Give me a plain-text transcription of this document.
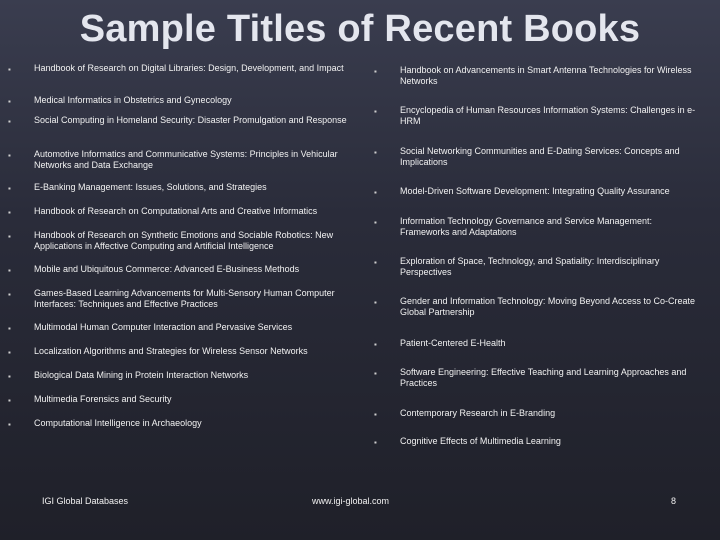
Sample Titles of Recent Books
▪	Handbook of Research on Digital Libraries: Design, Development, and Impact
▪	Medical Informatics in Obstetrics and Gynecology
▪	Social Computing in Homeland Security: Disaster Promulgation and Response
▪	Automotive Informatics and Communicative Systems: Principles in Vehicular Networks and Data Exchange
▪	E-Banking Management: Issues, Solutions, and Strategies
▪	Handbook of Research on Computational Arts and Creative Informatics
▪	Handbook of Research on Synthetic Emotions and Sociable Robotics: New Applications in Affective Computing and Artificial Intelligence
▪	Mobile and Ubiquitous Commerce: Advanced E-Business Methods
▪	Games-Based Learning Advancements for Multi-Sensory Human Computer Interfaces: Techniques and Effective Practices
▪	Multimodal Human Computer Interaction and Pervasive Services
▪	Localization Algorithms and Strategies for Wireless Sensor Networks
▪	Biological Data Mining in Protein Interaction Networks
▪	Multimedia Forensics and Security
▪	Computational Intelligence in Archaeology
▪	Handbook on Advancements in Smart Antenna Technologies for Wireless Networks
▪	Encyclopedia of Human Resources Information Systems: Challenges in e-HRM
▪	Social Networking Communities and E-Dating Services: Concepts and Implications
▪	Model-Driven Software Development: Integrating Quality Assurance
▪	Information Technology Governance and Service Management: Frameworks and Adaptations
▪	Exploration of Space, Technology, and Spatiality: Interdisciplinary Perspectives
▪	Gender and Information Technology: Moving Beyond Access to Co-Create Global Partnership
▪	Patient-Centered E-Health
▪	Software Engineering: Effective Teaching and Learning Approaches and Practices
▪	Contemporary Research in E-Branding
▪	Cognitive Effects of Multimedia Learning
IGI Global Databases	www.igi-global.com	8
